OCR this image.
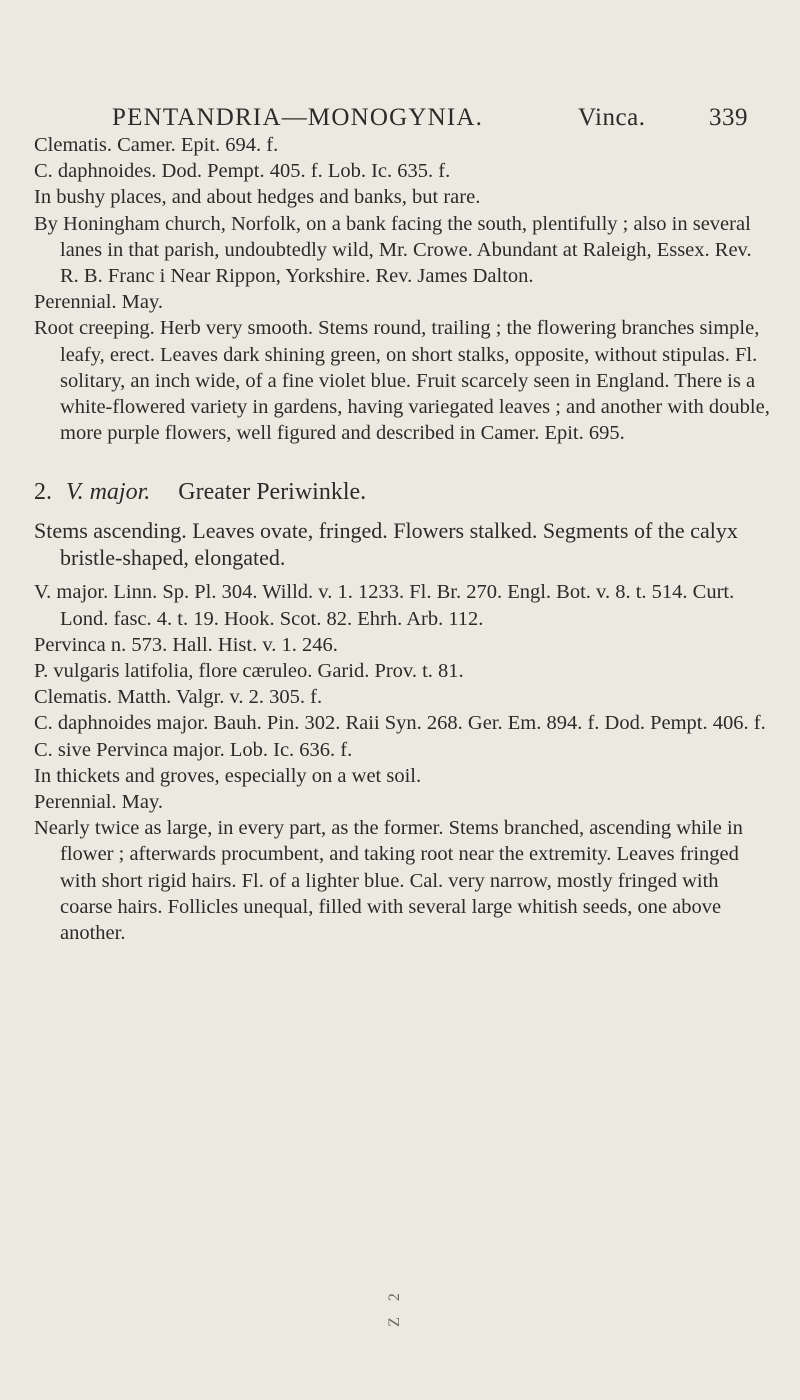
PENTANDRIA—MONOGYNIA.	Vinca.	339

Clematis. Camer. Epit. 694. f.

C. daphnoides. Dod. Pempt. 405. f. Lob. Ic. 635. f.

In bushy places, and about hedges and banks, but rare.

By Honingham church, Norfolk, on a bank facing the south, plentifully ; also in several lanes in that parish, undoubtedly wild, Mr. Crowe. Abundant at Raleigh, Essex. Rev. R. B. Franc i Near Rippon, Yorkshire. Rev. James Dalton.

Perennial. May.

Root creeping. Herb very smooth. Stems round, trailing ; the flowering branches simple, leafy, erect. Leaves dark shining green, on short stalks, opposite, without stipulas. Fl. solitary, an inch wide, of a fine violet blue. Fruit scarcely seen in England. There is a white-flowered variety in gardens, having variegated leaves ; and another with double, more purple flowers, well figured and described in Camer. Epit. 695.

2. V. major. Greater Periwinkle.

Stems ascending. Leaves ovate, fringed. Flowers stalked. Segments of the calyx bristle-shaped, elongated.

V. major. Linn. Sp. Pl. 304. Willd. v. 1. 1233. Fl. Br. 270. Engl. Bot. v. 8. t. 514. Curt. Lond. fasc. 4. t. 19. Hook. Scot. 82. Ehrh. Arb. 112.

Pervinca n. 573. Hall. Hist. v. 1. 246.

P. vulgaris latifolia, flore cæruleo. Garid. Prov. t. 81.

Clematis. Matth. Valgr. v. 2. 305. f.

C. daphnoides major. Bauh. Pin. 302. Raii Syn. 268. Ger. Em. 894. f. Dod. Pempt. 406. f.

C. sive Pervinca major. Lob. Ic. 636. f.

In thickets and groves, especially on a wet soil.

Perennial. May.

Nearly twice as large, in every part, as the former. Stems branched, ascending while in flower ; afterwards procumbent, and taking root near the extremity. Leaves fringed with short rigid hairs. Fl. of a lighter blue. Cal. very narrow, mostly fringed with coarse hairs. Follicles unequal, filled with several large whitish seeds, one above another.

Z 2
